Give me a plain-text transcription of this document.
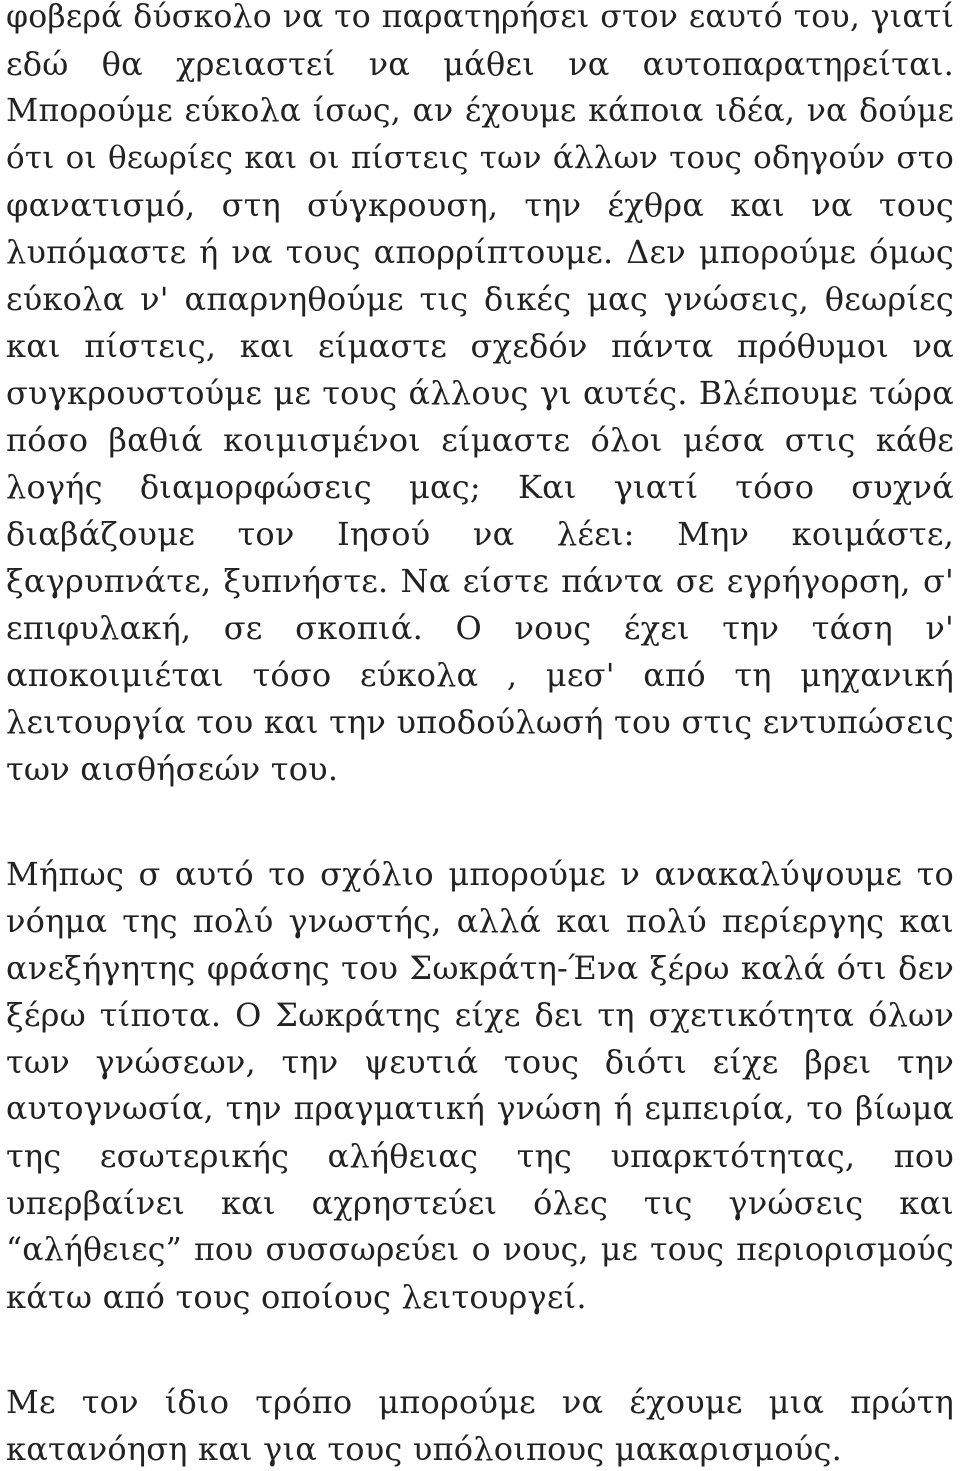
φοβερά δύσκολο να το παρατηρήσει στον εαυτό του, γιατί
εδώ θα χρειαστεί να μάθει να αυτοπαρατηρείται.
Μπορούμε εύκολα ίσως, αν έχουμε κάποια ιδέα, να δούμε
ότι οι θεωρίες και οι πίστεις των άλλων τους οδηγούν στο
φανατισμό, στη σύγκρουση, την έχθρα και να τους
λυπόμαστε ή να τους απορρίπτουμε. Δεν μπορούμε όμως
εύκολα ν' απαρνηθούμε τις δικές μας γνώσεις, θεωρίες
και πίστεις, και είμαστε σχεδόν πάντα πρόθυμοι να
συγκρουστούμε με τους άλλους γι αυτές. Βλέπουμε τώρα
πόσο βαθιά κοιμισμένοι είμαστε όλοι μέσα στις κάθε
λογής διαμορφώσεις μας; Και γιατί τόσο συχνά
διαβάζουμε τον Ιησού να λέει: Μην κοιμάστε,
ξαγρυπνάτε, ξυπνήστε. Να είστε πάντα σε εγρήγορση, σ'
επιφυλακή, σε σκοπιά. Ο νους έχει την τάση ν'
αποκοιμιέται τόσο εύκολα , μεσ' από τη μηχανική
λειτουργία του και την υποδούλωσή του στις εντυπώσεις
των αισθήσεών του.
Μήπως σ αυτό το σχόλιο μπορούμε ν ανακαλύψουμε το
νόημα της πολύ γνωστής, αλλά και πολύ περίεργης και
ανεξήγητης φράσης του Σωκράτη-Ένα ξέρω καλά ότι δεν
ξέρω τίποτα. Ο Σωκράτης είχε δει τη σχετικότητα όλων
των γνώσεων, την ψευτιά τους διότι είχε βρει την
αυτογνωσία, την πραγματική γνώση ή εμπειρία, το βίωμα
της εσωτερικής αλήθειας της υπαρκτότητας, που
υπερβαίνει και αχρηστεύει όλες τις γνώσεις και
“αλήθειες” που συσσωρεύει ο νους, με τους περιορισμούς
κάτω από τους οποίους λειτουργεί.
Με τον ίδιο τρόπο μπορούμε να έχουμε μια πρώτη
κατανόηση και για τους υπόλοιπους μακαρισμούς.
